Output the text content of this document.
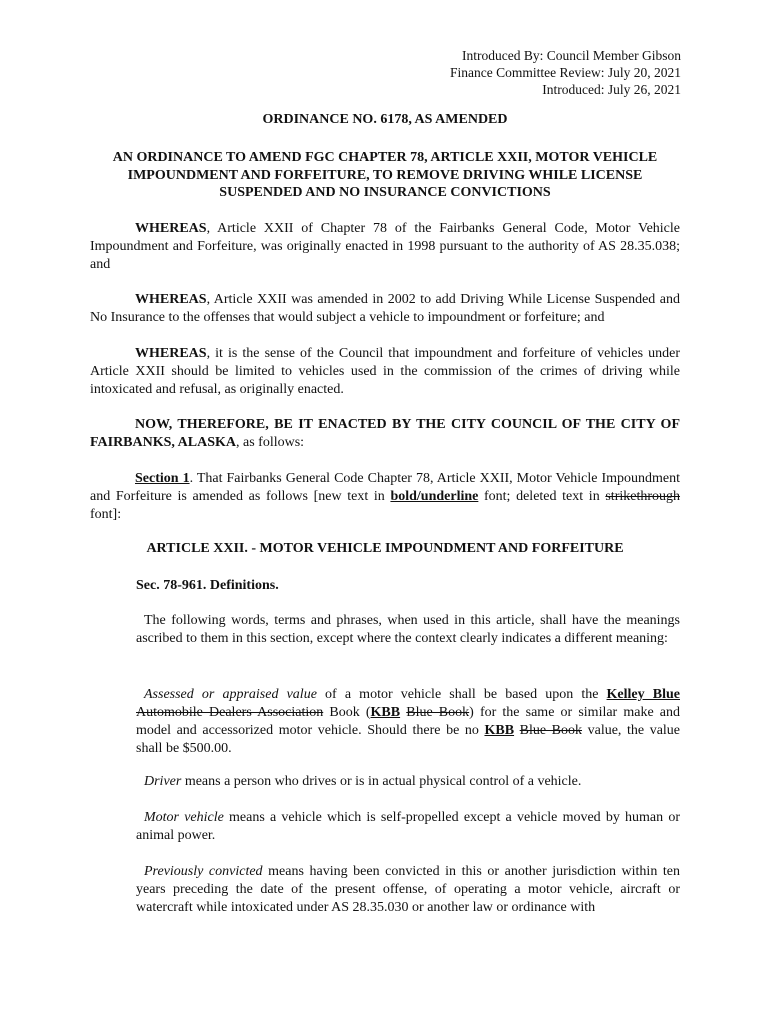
Introduced By: Council Member Gibson
Finance Committee Review: July 20, 2021
Introduced: July 26, 2021
ORDINANCE NO. 6178, AS AMENDED
AN ORDINANCE TO AMEND FGC CHAPTER 78, ARTICLE XXII, MOTOR VEHICLE IMPOUNDMENT AND FORFEITURE, TO REMOVE DRIVING WHILE LICENSE SUSPENDED AND NO INSURANCE CONVICTIONS
WHEREAS, Article XXII of Chapter 78 of the Fairbanks General Code, Motor Vehicle Impoundment and Forfeiture, was originally enacted in 1998 pursuant to the authority of AS 28.35.038; and
WHEREAS, Article XXII was amended in 2002 to add Driving While License Suspended and No Insurance to the offenses that would subject a vehicle to impoundment or forfeiture; and
WHEREAS, it is the sense of the Council that impoundment and forfeiture of vehicles under Article XXII should be limited to vehicles used in the commission of the crimes of driving while intoxicated and refusal, as originally enacted.
NOW, THEREFORE, BE IT ENACTED BY THE CITY COUNCIL OF THE CITY OF FAIRBANKS, ALASKA, as follows:
Section 1. That Fairbanks General Code Chapter 78, Article XXII, Motor Vehicle Impoundment and Forfeiture is amended as follows [new text in bold/underline font; deleted text in strikethrough font]:
ARTICLE XXII. - MOTOR VEHICLE IMPOUNDMENT AND FORFEITURE
Sec. 78-961. Definitions.
The following words, terms and phrases, when used in this article, shall have the meanings ascribed to them in this section, except where the context clearly indicates a different meaning:
Assessed or appraised value of a motor vehicle shall be based upon the Kelley Blue Automobile Dealers Association Book (KBB Blue Book) for the same or similar make and model and accessorized motor vehicle. Should there be no KBB Blue Book value, the value shall be $500.00.
Driver means a person who drives or is in actual physical control of a vehicle.
Motor vehicle means a vehicle which is self-propelled except a vehicle moved by human or animal power.
Previously convicted means having been convicted in this or another jurisdiction within ten years preceding the date of the present offense, of operating a motor vehicle, aircraft or watercraft while intoxicated under AS 28.35.030 or another law or ordinance with
